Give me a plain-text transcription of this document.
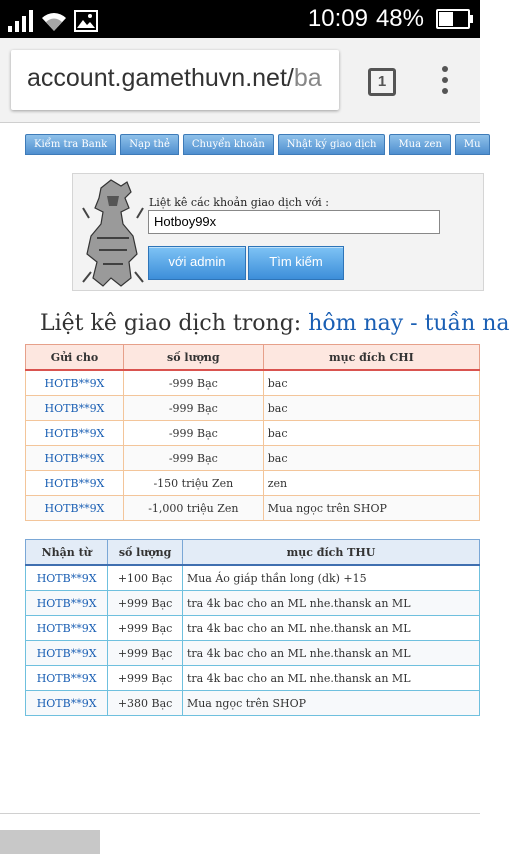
10:09 48%
account.gamethuvn.net/ba	1
Kiểm tra Bank	Nạp thẻ	Chuyển khoản	Nhật ký giao dịch	Mua zen	Mu
Liệt kê các khoản giao dịch với :
Hotboy99x
với admin	Tìm kiếm
Liệt kê giao dịch trong: hôm nay - tuần na
Gửi cho	số lượng	mục đích CHI
HOTB**9X	-999 Bạc	bac
HOTB**9X	-999 Bạc	bac
HOTB**9X	-999 Bạc	bac
HOTB**9X	-999 Bạc	bac
HOTB**9X	-150 triệu Zen	zen
HOTB**9X	-1,000 triệu Zen	Mua ngọc trên SHOP
Nhận từ	số lượng	mục đích THU
HOTB**9X	+100 Bạc	Mua Áo giáp thần long (dk) +15
HOTB**9X	+999 Bạc	tra 4k bac cho an ML nhe.thansk an ML
HOTB**9X	+999 Bạc	tra 4k bac cho an ML nhe.thansk an ML
HOTB**9X	+999 Bạc	tra 4k bac cho an ML nhe.thansk an ML
HOTB**9X	+999 Bạc	tra 4k bac cho an ML nhe.thansk an ML
HOTB**9X	+380 Bạc	Mua ngọc trên SHOP
